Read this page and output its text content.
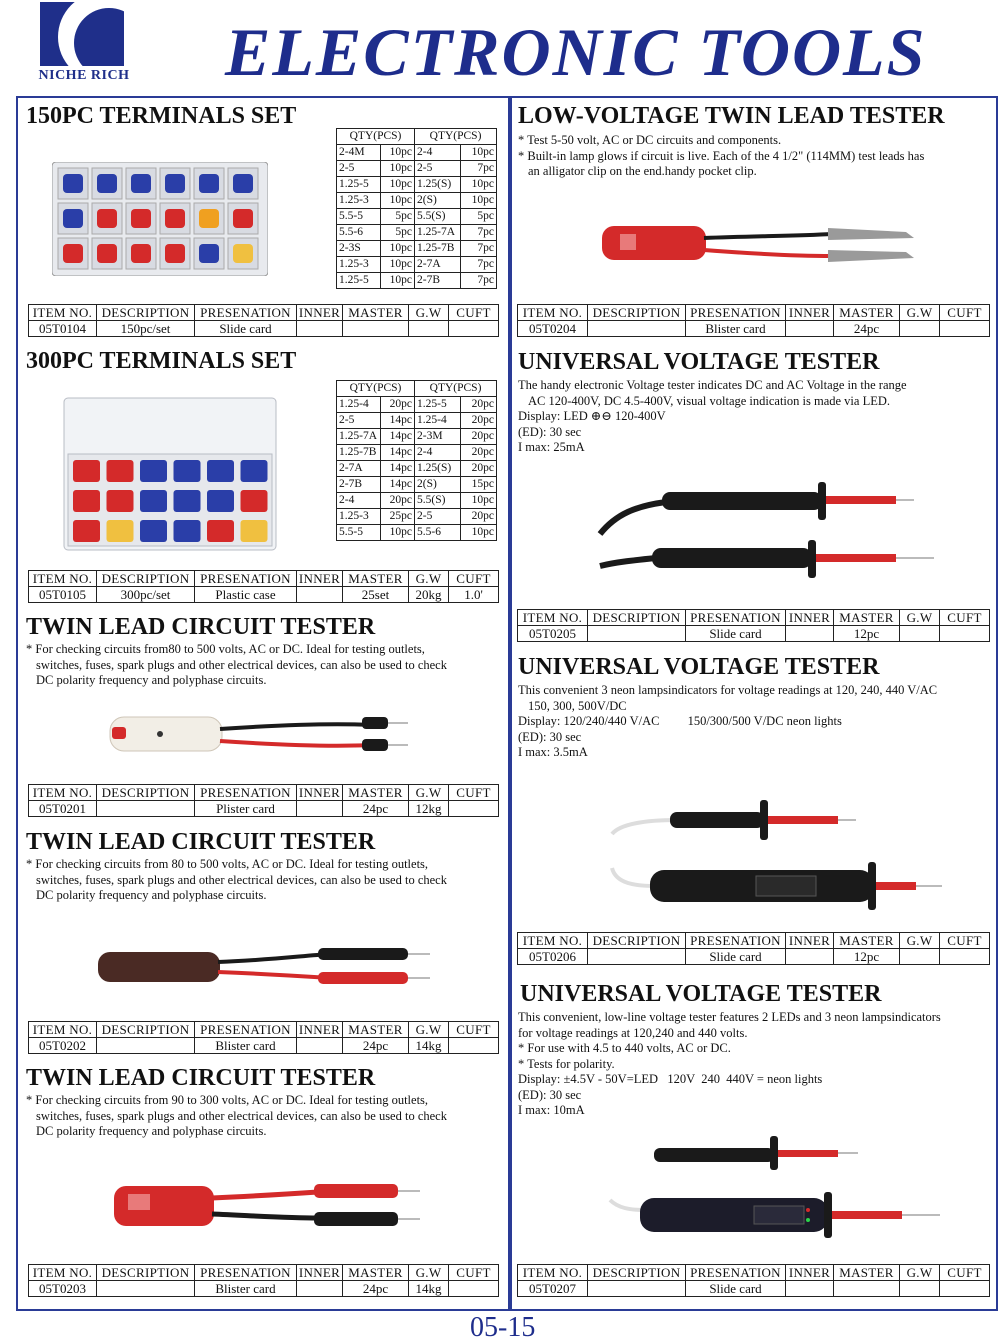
NICHE RICH ELECTRONIC TOOLS
150PC TERMINALS SET
QTY(PCS)		QTY(PCS)	
2-4M	10pc	2-4	10pc
2-5	10pc	2-5	7pc
1.25-5	10pc	1.25(S)	10pc
1.25-3	10pc	2(S)	10pc
5.5-5	5pc	5.5(S)	5pc
5.5-6	5pc	1.25-7A	7pc
2-3S	10pc	1.25-7B	7pc
1.25-3	10pc	2-7A	7pc
1.25-5	10pc	2-7B	7pc
ITEM NO.	DESCRIPTION	PRESENATION	INNER	MASTER	G.W	CUFT
05T0104	150pc/set	Slide card				
300PC TERMINALS SET
QTY(PCS)		QTY(PCS)	
1.25-4	20pc	1.25-5	20pc
2-5	14pc	1.25-4	20pc
1.25-7A	14pc	2-3M	20pc
1.25-7B	14pc	2-4	20pc
2-7A	14pc	1.25(S)	20pc
2-7B	14pc	2(S)	15pc
2-4	20pc	5.5(S)	10pc
1.25-3	25pc	2-5	20pc
5.5-5	10pc	5.5-6	10pc
ITEM NO.	DESCRIPTION	PRESENATION	INNER	MASTER	G.W	CUFT
05T0105	300pc/set	Plastic case		25set	20kg	1.0'
TWIN LEAD CIRCUIT TESTER

* For checking circuits from80 to 500 volts, AC or DC. Ideal for testing outlets,

switches, fuses, spark plugs and other electrical devices, can also be used to check

DC polarity frequency and polyphase circuits.

ITEM NO.	DESCRIPTION	PRESENATION	INNER	MASTER	G.W	CUFT
05T0201		Plister card		24pc	12kg	
TWIN LEAD CIRCUIT TESTER

* For checking circuits from 80 to 500 volts, AC or DC. Ideal for testing outlets,

switches, fuses, spark plugs and other electrical devices, can also be used to check

DC polarity frequency and polyphase circuits.

ITEM NO.	DESCRIPTION	PRESENATION	INNER	MASTER	G.W	CUFT
05T0202		Blister card		24pc	14kg	
TWIN LEAD CIRCUIT TESTER

* For checking circuits from 90 to 300 volts, AC or DC. Ideal for testing outlets,

switches, fuses, spark plugs and other electrical devices, can also be used to check

DC polarity frequency and polyphase circuits.

ITEM NO.	DESCRIPTION	PRESENATION	INNER	MASTER	G.W	CUFT
05T0203		Blister card		24pc	14kg	
LOW-VOLTAGE TWIN LEAD TESTER

* Test 5-50 volt, AC or DC circuits and components.

* Built-in lamp glows if circuit is live. Each of the 4 1/2" (114MM) test leads has

an alligator clip on the end.handy pocket clip.

ITEM NO.	DESCRIPTION	PRESENATION	INNER	MASTER	G.W	CUFT
05T0204		Blister card		24pc		
UNIVERSAL VOLTAGE TESTER

The handy electronic Voltage tester indicates DC and AC Voltage in the range

AC 120-400V, DC 4.5-400V, visual voltage indication is made via LED.

Display: LED ⊕⊖ 120-400V

(ED): 30 sec

I max: 25mA

ITEM NO.	DESCRIPTION	PRESENATION	INNER	MASTER	G.W	CUFT
05T0205		Slide card		12pc		
UNIVERSAL VOLTAGE TESTER

This convenient 3 neon lampsindicators for voltage readings at 120, 240, 440 V/AC

150, 300, 500V/DC

Display: 120/240/440 V/AC         150/300/500 V/DC neon lights

(ED): 30 sec

I max: 3.5mA

ITEM NO.	DESCRIPTION	PRESENATION	INNER	MASTER	G.W	CUFT
05T0206		Slide card		12pc		
UNIVERSAL VOLTAGE TESTER

This convenient, low-line voltage tester features 2 LEDs and 3 neon lampsindicators

for voltage readings at 120,240 and 440 volts.

* For use with 4.5 to 440 volts, AC or DC.

* Tests for polarity.

Display: ±4.5V - 50V=LED   120V  240  440V = neon lights

(ED): 30 sec

I max: 10mA

ITEM NO.	DESCRIPTION	PRESENATION	INNER	MASTER	G.W	CUFT
05T0207		Slide card				
05-15
